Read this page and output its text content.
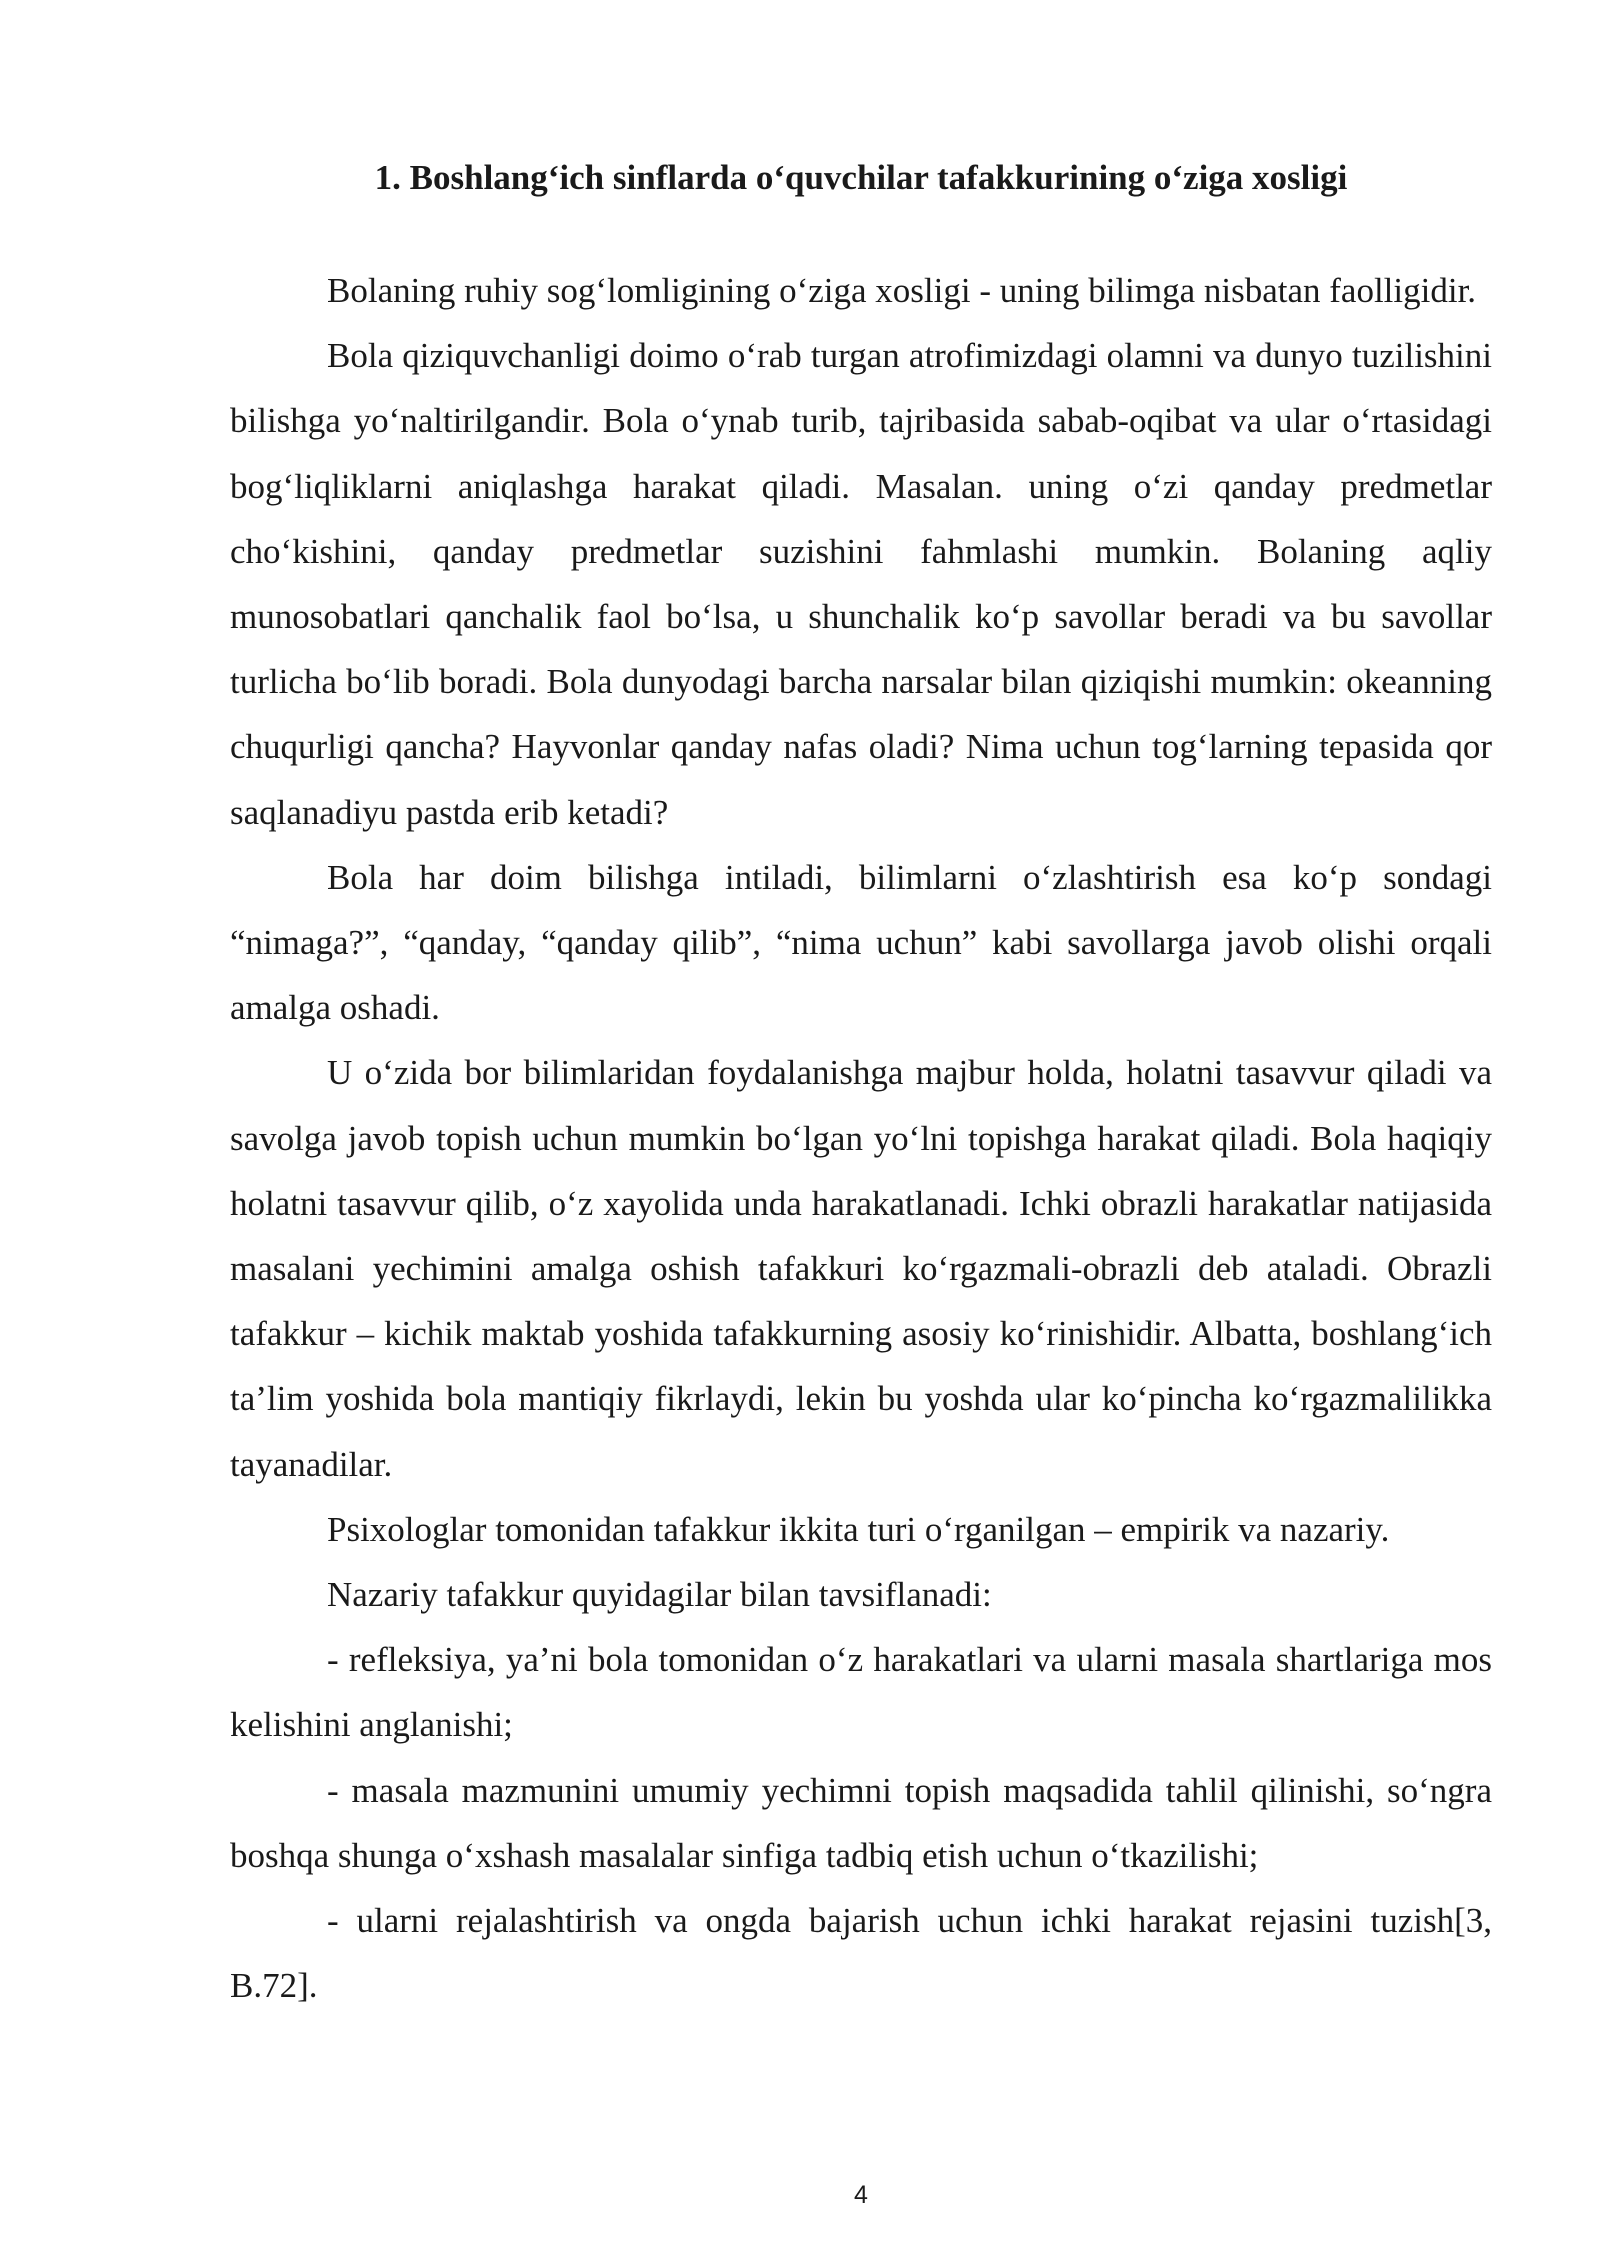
1. Boshlang‘ich sinflarda o‘quvchilar tafakkurining o‘ziga xosligi

Bolaning ruhiy sog‘lomligining o‘ziga xosligi - uning bilimga nisbatan faolligidir.

Bola qiziquvchanligi doimo o‘rab turgan atrofimizdagi olamni va dunyo tuzilishini bilishga yo‘naltirilgandir. Bola o‘ynab turib, tajribasida sabab-oqibat va ular o‘rtasidagi bog‘liqliklarni aniqlashga harakat qiladi. Masalan. uning o‘zi qanday predmetlar cho‘kishini, qanday predmetlar suzishini fahmlashi mumkin. Bolaning aqliy munosobatlari qanchalik faol bo‘lsa, u shunchalik ko‘p savollar beradi va bu savollar turlicha bo‘lib boradi. Bola dunyodagi barcha narsalar bilan qiziqishi mumkin: okeanning chuqurligi qancha? Hayvonlar qanday nafas oladi? Nima uchun tog‘larning tepasida qor saqlanadiyu pastda erib ketadi?

Bola har doim bilishga intiladi, bilimlarni o‘zlashtirish esa ko‘p sondagi “nimaga?”, “qanday, “qanday qilib”, “nima uchun” kabi savollarga javob olishi orqali amalga oshadi.

U o‘zida bor bilimlaridan foydalanishga majbur holda, holatni tasavvur qiladi va savolga javob topish uchun mumkin bo‘lgan yo‘lni topishga harakat qiladi. Bola haqiqiy holatni tasavvur qilib, o‘z xayolida unda harakatlanadi. Ichki obrazli harakatlar natijasida masalani yechimini amalga oshish tafakkuri ko‘rgazmali-obrazli deb ataladi. Obrazli tafakkur – kichik maktab yoshida tafakkurning asosiy ko‘rinishidir. Albatta, boshlang‘ich ta’lim yoshida bola mantiqiy fikrlaydi, lekin bu yoshda ular ko‘pincha ko‘rgazmalilikka tayanadilar.

Psixologlar tomonidan tafakkur ikkita turi o‘rganilgan – empirik va nazariy.

Nazariy tafakkur quyidagilar bilan tavsiflanadi:

- refleksiya, ya’ni bola tomonidan o‘z harakatlari va ularni masala shartlariga mos kelishini anglanishi;

- masala mazmunini umumiy yechimni topish maqsadida tahlil qilinishi, so‘ngra boshqa shunga o‘xshash masalalar sinfiga tadbiq etish uchun o‘tkazilishi;

- ularni rejalashtirish va ongda bajarish uchun ichki harakat rejasini tuzish[3, B.72].

4
